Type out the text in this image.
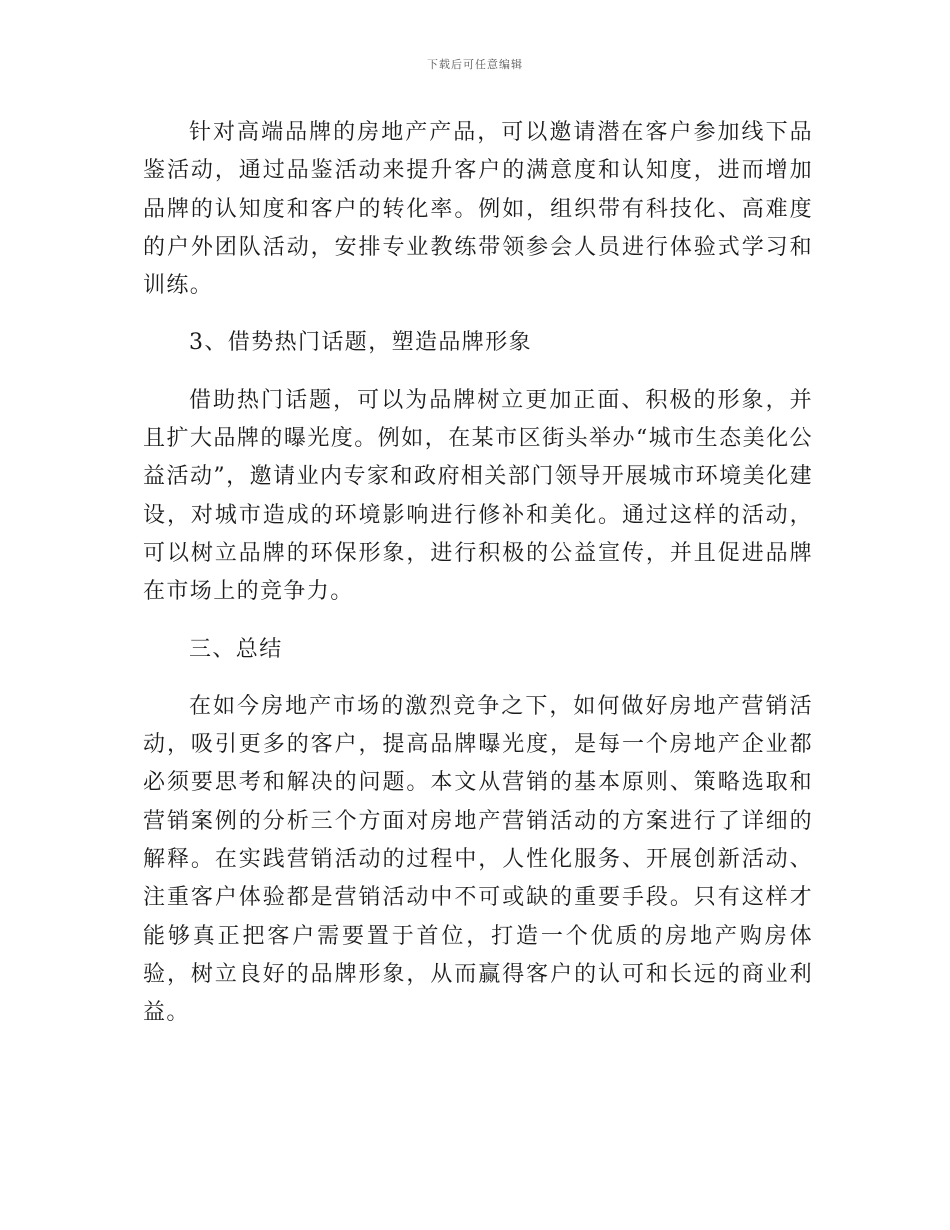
下载后可任意编辑

针对高端品牌的房地产产品，可以邀请潜在客户参加线下品鉴活动，通过品鉴活动来提升客户的满意度和认知度，进而增加品牌的认知度和客户的转化率。例如，组织带有科技化、高难度的户外团队活动，安排专业教练带领参会人员进行体验式学习和训练。

3、借势热门话题，塑造品牌形象

借助热门话题，可以为品牌树立更加正面、积极的形象，并且扩大品牌的曝光度。例如，在某市区街头举办“城市生态美化公益活动”，邀请业内专家和政府相关部门领导开展城市环境美化建设，对城市造成的环境影响进行修补和美化。通过这样的活动，可以树立品牌的环保形象，进行积极的公益宣传，并且促进品牌在市场上的竞争力。

三、总结

在如今房地产市场的激烈竞争之下，如何做好房地产营销活动，吸引更多的客户，提高品牌曝光度，是每一个房地产企业都必须要思考和解决的问题。本文从营销的基本原则、策略选取和营销案例的分析三个方面对房地产营销活动的方案进行了详细的解释。在实践营销活动的过程中，人性化服务、开展创新活动、注重客户体验都是营销活动中不可或缺的重要手段。只有这样才能够真正把客户需要置于首位，打造一个优质的房地产购房体验，树立良好的品牌形象，从而赢得客户的认可和长远的商业利益。
